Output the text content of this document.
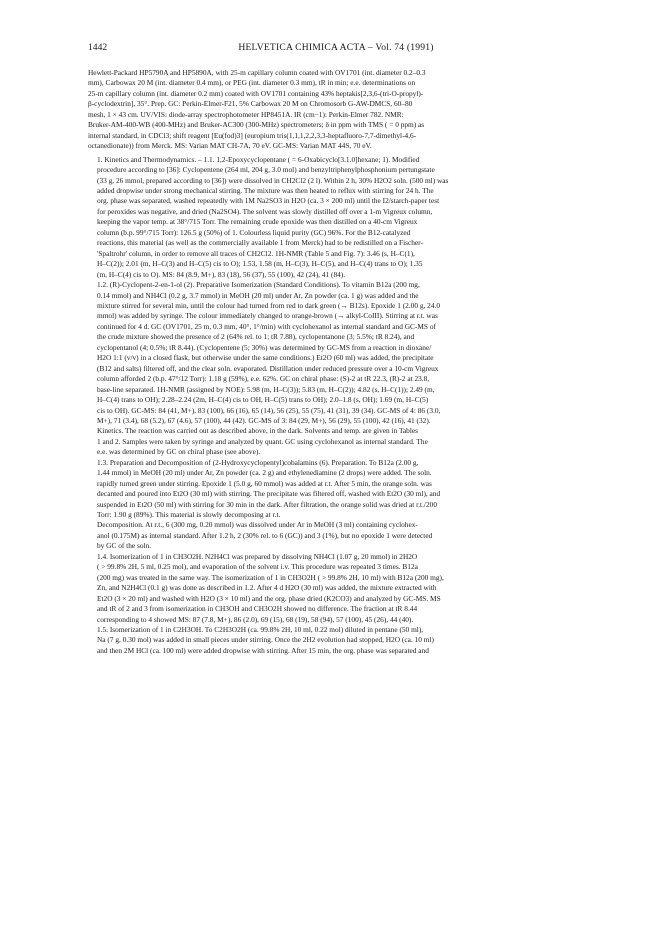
1442	HELVETICA CHIMICA ACTA – Vol. 74 (1991)

Hewlett-Packard HP5790A and HP5890A, with 25-m capillary column coated with OV1701 (int. diameter 0.2–0.3
mm), Carbowax 20 M (int. diameter 0.4 mm), or PEG (int. diameter 0.3 mm), tR in min; e.e. determinations on
25-m capillary column (int. diameter 0.2 mm) coated with OV1701 containing 43% heptakis[2,3,6-(tri-O-propyl)-
β-cyclodextrin], 35°. Prep. GC: Perkin-Elmer-F21, 5% Carbowax 20 M on Chromosorb G-AW-DMCS, 60–80
mesh, 1 × 43 cm. UV/VIS: diode-array spectrophotometer HP8451A. IR (cm−1): Perkin-Elmer 782. NMR:
Bruker-AM-400-WB (400-MHz) and Bruker-AC300 (300-MHz) spectrometers; δ in ppm with TMS ( = 0 ppm) as
internal standard, in CDCl3; shift reagent [Eu(fod)3] (europium tris(1,1,1,2,2,3,3-heptafluoro-7,7-dimethyl-4,6-
octanedionate)) from Merck. MS: Varian MAT CH-7A, 70 eV. GC-MS: Varian MAT 44S, 70 eV.

1. Kinetics and Thermodynamics. – 1.1. 1,2-Epoxycyclopentane ( = 6-Oxabicyclo[3.1.0]hexane; 1). Modified
procedure according to [36]: Cyclopentene (264 ml, 204 g, 3.0 mol) and benzyltriphenylphosphonium pertungstate
(33 g, 26 mmol, prepared according to [36]) were dissolved in CH2Cl2 (2 l). Within 2 h, 30% H2O2 soln. (500 ml) was
added dropwise under strong mechanical stirring. The mixture was then heated to reflux with stirring for 24 h. The
org. phase was separated, washed repeatedly with 1M Na2SO3 in H2O (ca. 3 × 200 ml) until the I2/starch-paper test
for peroxides was negative, and dried (Na2SO4). The solvent was slowly distilled off over a 1-m Vigreux column,
keeping the vapor temp. at 38°/715 Torr. The remaining crude epoxide was then distilled on a 40-cm Vigreux
column (b.p. 99°/715 Torr): 126.5 g (50%) of 1. Colourless liquid purity (GC) 96%. For the B12-catalyzed
reactions, this material (as well as the commercially available 1 from Merck) had to be redistilled on a Fischer-
'Spaltrohr' column, in order to remove all traces of CH2Cl2. 1H-NMR (Table 5 and Fig. 7): 3.46 (s, H–C(1),
H–C(2)); 2.01 (m, H–C(3) and H–C(5) cis to O); 1.53, 1.58 (m, H–C(3), H–C(5), and H–C(4) trans to O); 1.35
(m, H–C(4) cis to O). MS: 84 (8.9, M+), 83 (18), 56 (37), 55 (100), 42 (24), 41 (84).

1.2. (R)-Cyclopent-2-en-1-ol (2). Preparative Isomerization (Standard Conditions). To vitamin B12a (200 mg,
0.14 mmol) and NH4Cl (0.2 g, 3.7 mmol) in MeOH (20 ml) under Ar, Zn powder (ca. 1 g) was added and the
mixture stirred for several min, until the colour had turned from red to dark green (→ B12s). Epoxide 1 (2.00 g, 24.0
mmol) was added by syringe. The colour immediately changed to orange-brown (→ alkyl-CoIII). Stirring at r.t. was
continued for 4 d. GC (OV1701, 25 m, 0.3 mm, 40°, 1°/min) with cyclohexanol as internal standard and GC-MS of
the crude mixture showed the presence of 2 (64% rel. to 1; tR 7.88), cyclopentanone (3; 5.5%; tR 8.24), and
cyclopentanol (4; 0.5%; tR 8.44). (Cyclopentene (5; 30%) was determined by GC-MS from a reaction in dioxane/
H2O 1:1 (v/v) in a closed flask, but otherwise under the same conditions.) Et2O (60 ml) was added, the precipitate
(B12 and salts) filtered off, and the clear soln. evaporated. Distillation under reduced pressure over a 10-cm Vigreux
column afforded 2 (b.p. 47°/12 Torr): 1.18 g (59%), e.e. 62%. GC on chiral phase: (S)-2 at tR 22.3, (R)-2 at 23.8,
base-line separated. 1H-NMR (assigned by NOE): 5.98 (m, H–C(3)); 5.83 (m, H–C(2)); 4.82 (s, H–C(1)); 2.49 (m,
H–C(4) trans to OH); 2.28–2.24 (2m, H–C(4) cis to OH, H–C(5) trans to OH); 2.0–1.8 (s, OH); 1.69 (m, H–C(5)
cis to OH). GC-MS: 84 (41, M+), 83 (100), 66 (16), 65 (14), 56 (25), 55 (75), 41 (31), 39 (34). GC-MS of 4: 86 (3.0,
M+), 71 (3.4), 68 (5.2), 67 (4.6), 57 (100), 44 (42). GC-MS of 3: 84 (29, M+), 56 (29), 55 (100), 42 (16), 41 (32).

Kinetics. The reaction was carried out as described above, in the dark. Solvents and temp. are given in Tables
1 and 2. Samples were taken by syringe and analyzed by quant. GC using cyclohexanol as internal standard. The
e.e. was determined by GC on chiral phase (see above).

1.3. Preparation and Decomposition of (2-Hydroxycyclopentyl)cobalamins (6). Preparation. To B12a (2.00 g,
1.44 mmol) in MeOH (20 ml) under Ar, Zn powder (ca. 2 g) and ethylenediamine (2 drops) were added. The soln.
rapidly turned green under stirring. Epoxide 1 (5.0 g, 60 mmol) was added at r.t. After 5 min, the orange soln. was
decanted and poured into Et2O (30 ml) with stirring. The precipitate was filtered off, washed with Et2O (30 ml), and
suspended in Et2O (50 ml) with stirring for 30 min in the dark. After filtration, the orange solid was dried at r.t./200
Torr: 1.90 g (89%). This material is slowly decomposing at r.t.

Decomposition. At r.t., 6 (300 mg, 0.20 mmol) was dissolved under Ar in MeOH (3 ml) containing cyclohex-
anol (0.175M) as internal standard. After 1.2 h, 2 (30% rel. to 6 (GC)) and 3 (1%), but no epoxide 1 were detected
by GC of the soln.

1.4. Isomerization of 1 in CH3O2H. N2H4Cl was prepared by dissolving NH4Cl (1.07 g, 20 mmol) in 2H2O
( > 99.8% 2H, 5 ml, 0.25 mol), and evaporation of the solvent i.v. This procedure was repeated 3 times. B12a
(200 mg) was treated in the same way. The isomerization of 1 in CH3O2H ( > 99.8% 2H, 10 ml) with B12a (200 mg),
Zn, and N2H4Cl (0.1 g) was done as described in 1.2. After 4 d H2O (30 ml) was added, the mixture extracted with
Et2O (3 × 20 ml) and washed with H2O (3 × 10 ml) and the org. phase dried (K2CO3) and analyzed by GC-MS. MS
and tR of 2 and 3 from isomerization in CH3OH and CH3O2H showed no difference. The fraction at tR 8.44
corresponding to 4 showed MS: 87 (7.8, M+), 86 (2.0), 69 (15), 68 (19), 58 (94), 57 (100), 45 (26), 44 (40).

1.5. Isomerization of 1 in C2H3OH. To C2H3O2H (ca. 99.8% 2H, 10 ml, 0.22 mol) diluted in pentane (50 ml),
Na (7 g, 0.30 mol) was added in small pieces under stirring. Once the 2H2 evolution had stopped, H2O (ca. 10 ml)
and then 2M HCl (ca. 100 ml) were added dropwise with stirring. After 15 min, the org. phase was separated and
